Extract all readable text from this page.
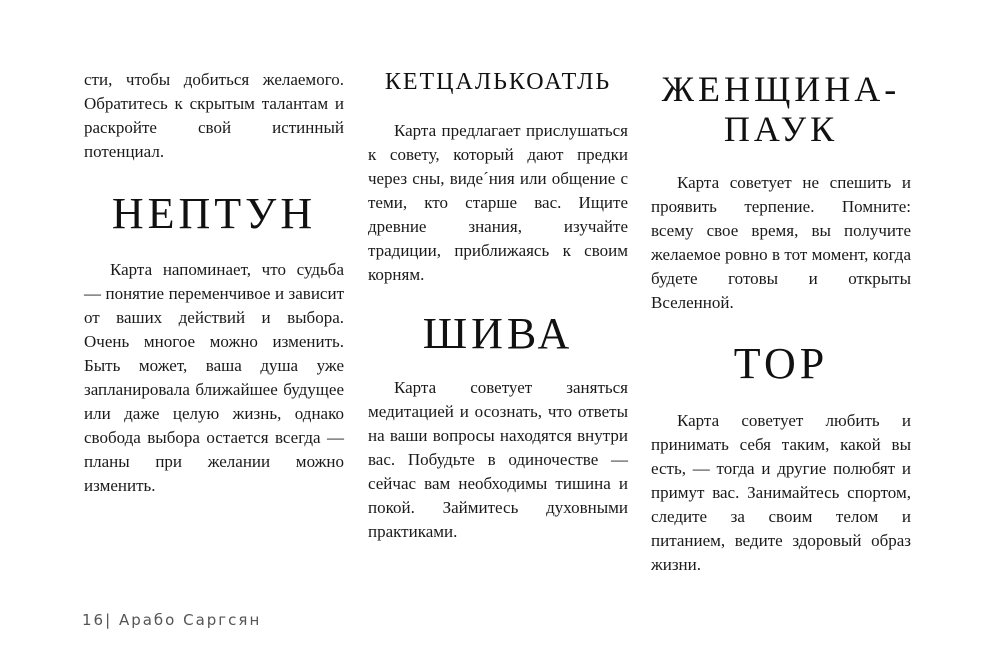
сти, чтобы добиться желаемого. Обратитесь к скрытым талантам и раскройте свой истинный потенциал.

НЕПТУН

Карта напоминает, что судьба — понятие переменчивое и зависит от ваших действий и выбора. Очень многое можно изменить. Быть может, ваша душа уже запланировала ближайшее будущее или даже целую жизнь, однако свобода выбора остается всегда — планы при желании можно изменить.

КЕТЦАЛЬКОАТЛЬ

Карта предлагает прислушаться к совету, который дают предки через сны, виде´ния или общение с теми, кто старше вас. Ищите древние знания, изучайте традиции, приближаясь к своим корням.

ШИВА

Карта советует заняться медитацией и осознать, что ответы на ваши вопросы находятся внутри вас. Побудьте в одиночестве — сейчас вам необходимы тишина и покой. Займитесь духовными практиками.

ЖЕНЩИНА-
ПАУК

Карта советует не спешить и проявить терпение. Помните: всему свое время, вы получите желаемое ровно в тот момент, когда будете готовы и открыты Вселенной.

ТОР

Карта советует любить и принимать себя таким, какой вы есть, — тогда и другие полюбят и примут вас. Занимайтесь спортом, следите за своим телом и питанием, ведите здоровый образ жизни.

16| Арабо Саргсян
